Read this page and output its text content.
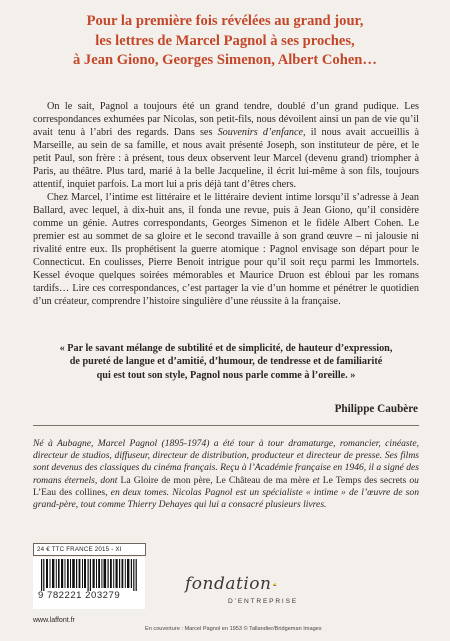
Pour la première fois révélées au grand jour,
les lettres de Marcel Pagnol à ses proches,
à Jean Giono, Georges Simenon, Albert Cohen…

On le sait, Pagnol a toujours été un grand tendre, doublé d’un grand pudique. Les correspondances exhumées par Nicolas, son petit-fils, nous dévoilent ainsi un pan de vie qu’il avait tenu à l’abri des regards. Dans ses Souvenirs d’enfance, il nous avait accueillis à Marseille, au sein de sa famille, et nous avait présenté Joseph, son instituteur de père, et le petit Paul, son frère : à présent, tous deux observent leur Marcel (devenu grand) triompher à Paris, au théâtre. Plus tard, marié à la belle Jacqueline, il écrit lui-même à son fils, toujours attentif, inquiet parfois. La mort lui a pris déjà tant d’êtres chers.

Chez Marcel, l’intime est littéraire et le littéraire devient intime lorsqu’il s’adresse à Jean Ballard, avec lequel, à dix-huit ans, il fonda une revue, puis à Jean Giono, qu’il considère comme un génie. Autres correspondants, Georges Simenon et le fidèle Albert Cohen. Le premier est au sommet de sa gloire et le second travaille à son grand œuvre – ni jalousie ni rivalité entre eux. Ils prophétisent la guerre atomique : Pagnol envisage son départ pour le Connecticut. En coulisses, Pierre Benoit intrigue pour qu’il soit reçu parmi les Immortels. Kessel évoque quelques soirées mémorables et Maurice Druon est ébloui par les romans tardifs… Lire ces correspondances, c’est partager la vie d’un homme et pénétrer le quotidien d’un créateur, comprendre l’histoire singulière d’une réussite à la française.

« Par le savant mélange de subtilité et de simplicité, de hauteur d’expression,
de pureté de langue et d’amitié, d’humour, de tendresse et de familiarité
qui est tout son style, Pagnol nous parle comme à l’oreille. »
Philippe Caubère
Né à Aubagne, Marcel Pagnol (1895-1974) a été tour à tour dramaturge, romancier, cinéaste, directeur de studios, diffuseur, directeur de distribution, producteur et directeur de presse. Ses films sont devenus des classiques du cinéma français. Reçu à l’Académie française en 1946, il a signé des romans éternels, dont La Gloire de mon père, Le Château de ma mère et Le Temps des secrets ou L’Eau des collines, en deux tomes. Nicolas Pagnol est un spécialiste « intime » de l’œuvre de son grand-père, tout comme Thierry Dehayes qui lui a consacré plusieurs livres.
24 € TTC FRANCE 2015 - XI
9 782221 203279
www.laffont.fr
fondation
D’ENTREPRISE
En couverture : Marcel Pagnol en 1953 © Tallandier/Bridgeman Images
